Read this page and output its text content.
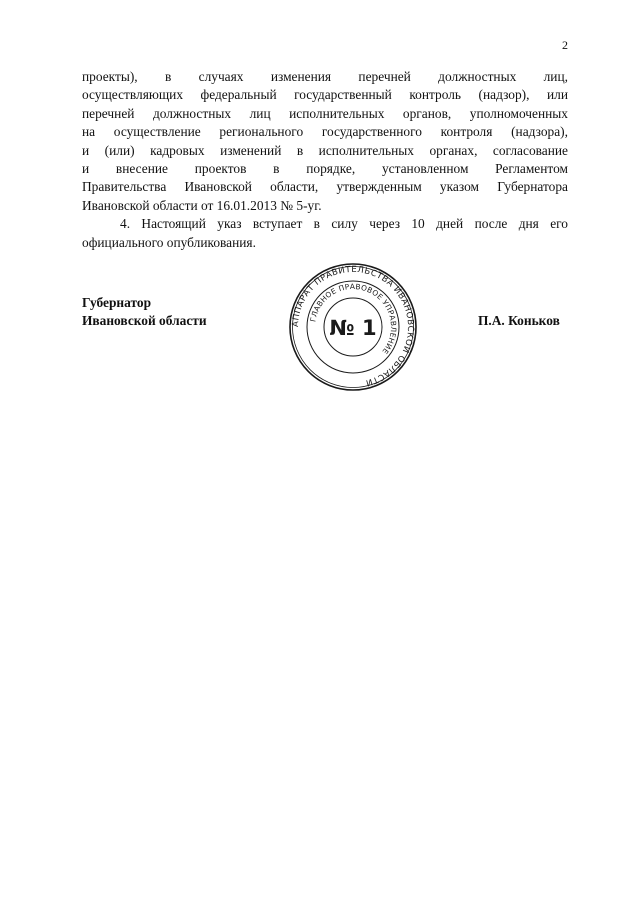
2
проекты), в случаях изменения перечней должностных лиц,
осуществляющих федеральный государственный контроль (надзор), или
перечней должностных лиц исполнительных органов, уполномоченных
на осуществление регионального государственного контроля (надзора),
и (или) кадровых изменений в исполнительных органах, согласование
и внесение проектов в порядке, установленном Регламентом
Правительства Ивановской области, утвержденным указом Губернатора
Ивановской области от 16.01.2013 № 5-уг.
4. Настоящий указ вступает в силу через 10 дней после дня его
официального опубликования.
Губернатор
Ивановской области	П.А. Коньков
АППАРАТ ПРАВИТЕЛЬСТВА ИВАНОВСКОЙ ОБЛАСТИ
ГЛАВНОЕ ПРАВОВОЕ УПРАВЛЕНИЕ
№ 1
